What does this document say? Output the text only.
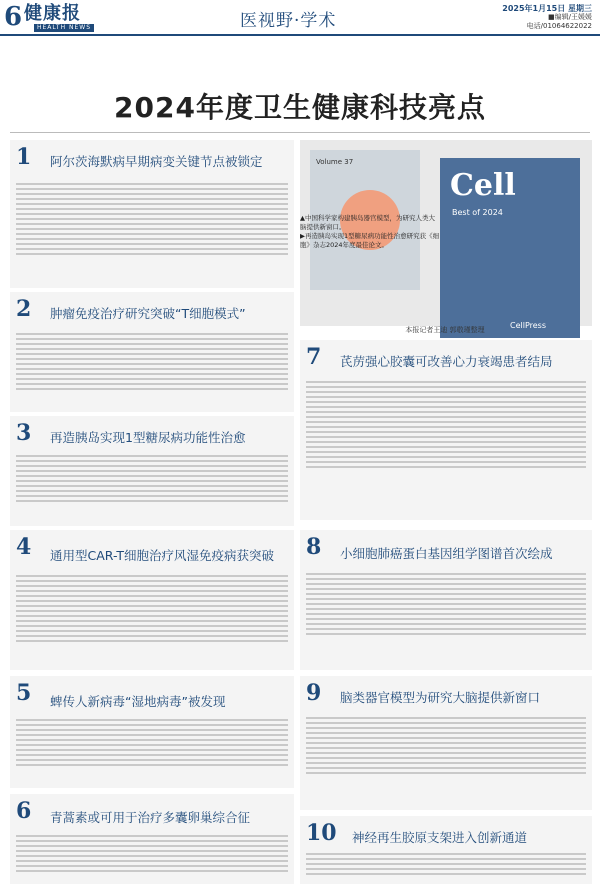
6 健康报
HEALTH NEWS	医视野·学术
2025年1月15日 星期三
■编辑/王媛媛
电话/01064622022
2024年度卫生健康科技亮点
1 阿尔茨海默病早期病变关键节点被锁定
2 肿瘤免疫治疗研究突破“T细胞模式”
3 再造胰岛实现1型糖尿病功能性治愈
4 通用型CAR-T细胞治疗风湿免疫病获突破
5 蜱传人新病毒“湿地病毒”被发现
6 青蒿素或可用于治疗多囊卵巢综合征
Volume 37
Cell
Best of 2024
CellPress
▲中国科学家构建胰岛器官模型，为研究人类大脑提供新窗口。
▶再造胰岛实现1型糖尿病功能性治愈研究获《细胞》杂志2024年度最佳论文。
本报记者王迪 郭敬瑾整理
7 芪苈强心胶囊可改善心力衰竭患者结局
8 小细胞肺癌蛋白基因组学图谱首次绘成
9 脑类器官模型为研究大脑提供新窗口
10 神经再生胶原支架进入创新通道
